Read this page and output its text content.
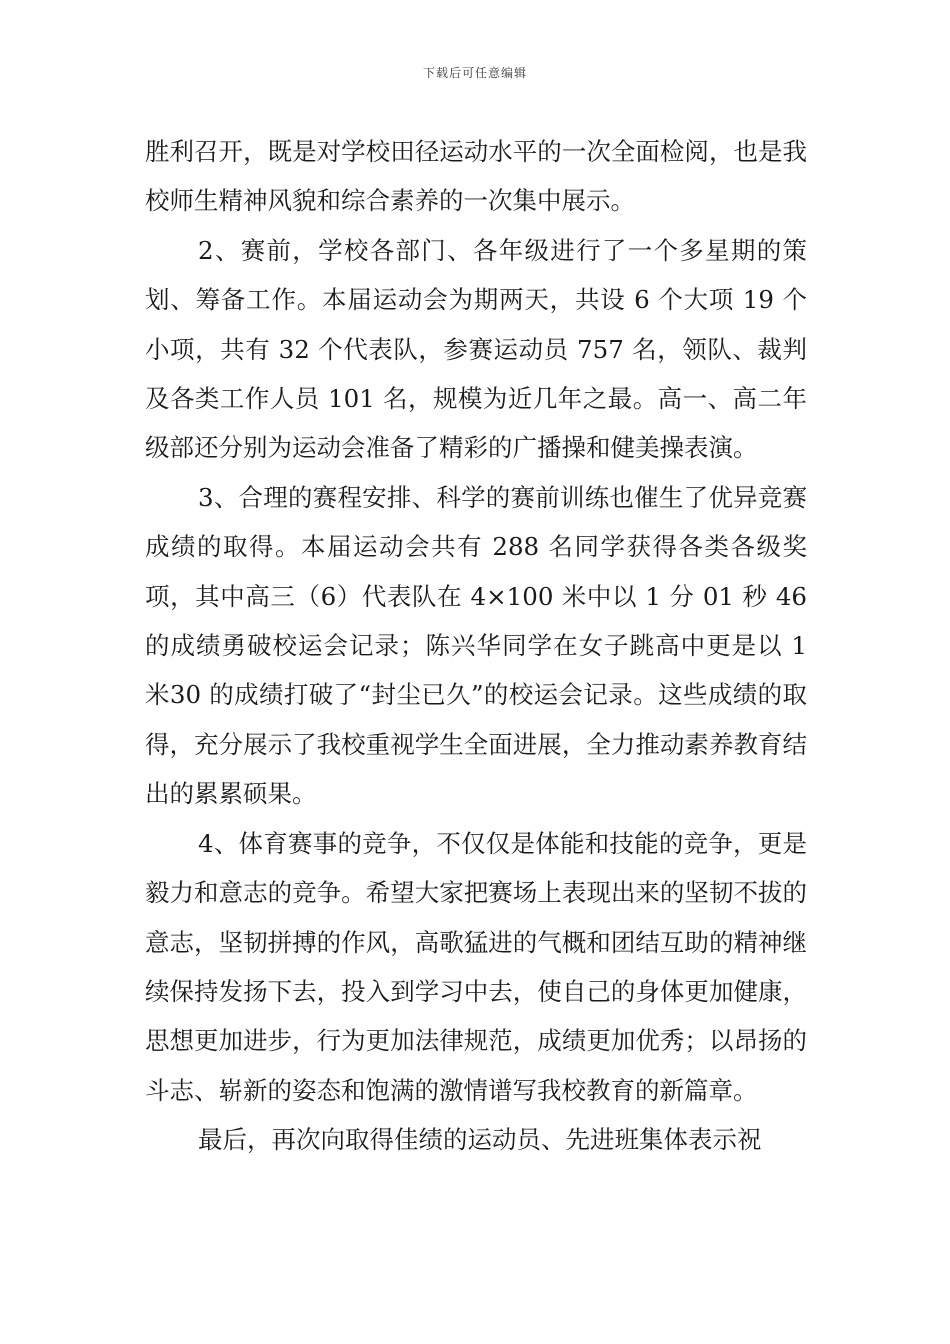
下载后可任意编辑

胜利召开，既是对学校田径运动水平的一次全面检阅，也是我校师生精神风貌和综合素养的一次集中展示。

2、赛前，学校各部门、各年级进行了一个多星期的策划、筹备工作。本届运动会为期两天，共设 6 个大项 19 个小项，共有 32 个代表队，参赛运动员 757 名，领队、裁判及各类工作人员 101 名，规模为近几年之最。高一、高二年级部还分别为运动会准备了精彩的广播操和健美操表演。

3、合理的赛程安排、科学的赛前训练也催生了优异竞赛成绩的取得。本届运动会共有 288 名同学获得各类各级奖项，其中高三（6）代表队在 4×100 米中以 1 分 01 秒 46 的成绩勇破校运会记录；陈兴华同学在女子跳高中更是以 1 米30 的成绩打破了“封尘已久”的校运会记录。这些成绩的取得，充分展示了我校重视学生全面进展，全力推动素养教育结出的累累硕果。

4、体育赛事的竞争，不仅仅是体能和技能的竞争，更是毅力和意志的竞争。希望大家把赛场上表现出来的坚韧不拔的意志，坚韧拼搏的作风，高歌猛进的气概和团结互助的精神继续保持发扬下去，投入到学习中去，使自己的身体更加健康，思想更加进步，行为更加法律规范，成绩更加优秀；以昂扬的斗志、崭新的姿态和饱满的激情谱写我校教育的新篇章。

最后，再次向取得佳绩的运动员、先进班集体表示祝
